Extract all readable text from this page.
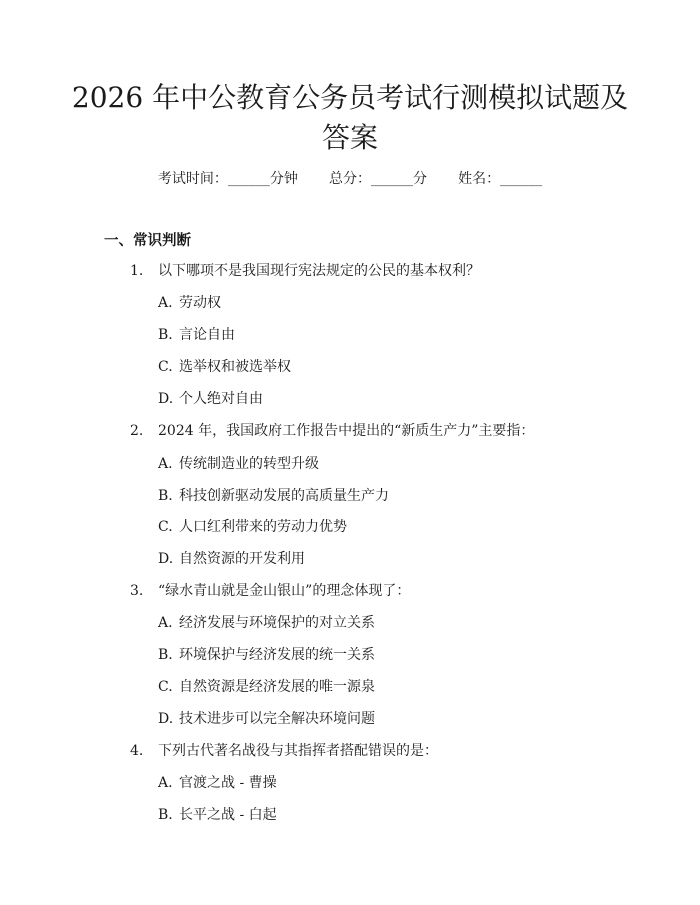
2026 年中公教育公务员考试行测模拟试题及答案
考试时间：______分钟 总分：______分 姓名：______
一、常识判断
1. 以下哪项不是我国现行宪法规定的公民的基本权利？
A. 劳动权
B. 言论自由
C. 选举权和被选举权
D. 个人绝对自由
2. 2024 年，我国政府工作报告中提出的“新质生产力”主要指：
A. 传统制造业的转型升级
B. 科技创新驱动发展的高质量生产力
C. 人口红利带来的劳动力优势
D. 自然资源的开发利用
3. “绿水青山就是金山银山”的理念体现了：
A. 经济发展与环境保护的对立关系
B. 环境保护与经济发展的统一关系
C. 自然资源是经济发展的唯一源泉
D. 技术进步可以完全解决环境问题
4. 下列古代著名战役与其指挥者搭配错误的是：
A. 官渡之战 - 曹操
B. 长平之战 - 白起
